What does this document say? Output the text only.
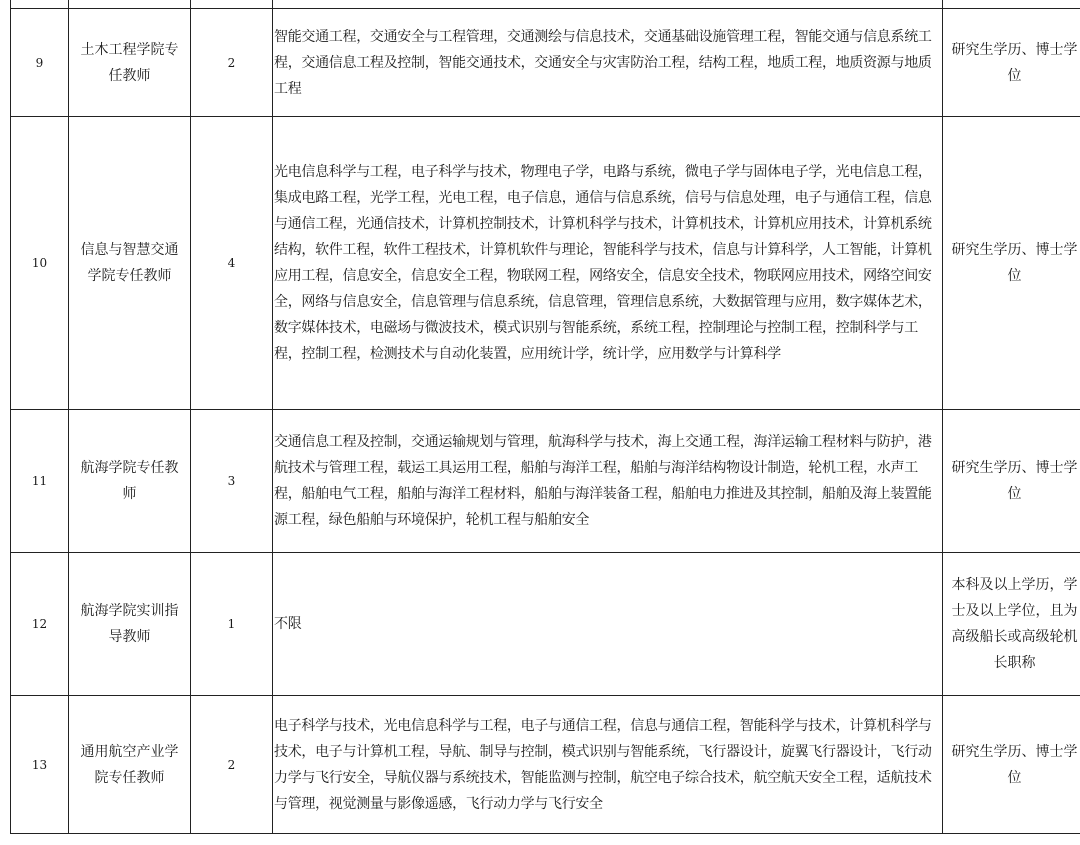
9	土木工程学院专任教师	2	智能交通工程，交通安全与工程管理，交通测绘与信息技术，交通基础设施管理工程，智能交通与信息系统工程，交通信息工程及控制，智能交通技术，交通安全与灾害防治工程，结构工程，地质工程，地质资源与地质工程	研究生学历、博士学位
10	信息与智慧交通学院专任教师	4	光电信息科学与工程，电子科学与技术，物理电子学，电路与系统，微电子学与固体电子学，光电信息工程，集成电路工程，光学工程，光电工程，电子信息，通信与信息系统，信号与信息处理，电子与通信工程，信息与通信工程，光通信技术，计算机控制技术，计算机科学与技术，计算机技术，计算机应用技术，计算机系统结构，软件工程，软件工程技术，计算机软件与理论，智能科学与技术，信息与计算科学，人工智能，计算机应用工程，信息安全，信息安全工程，物联网工程，网络安全，信息安全技术，物联网应用技术，网络空间安全，网络与信息安全，信息管理与信息系统，信息管理，管理信息系统，大数据管理与应用，数字媒体艺术，数字媒体技术，电磁场与微波技术，模式识别与智能系统，系统工程，控制理论与控制工程，控制科学与工程，控制工程，检测技术与自动化装置，应用统计学，统计学，应用数学与计算科学	研究生学历、博士学位
11	航海学院专任教师	3	交通信息工程及控制，交通运输规划与管理，航海科学与技术，海上交通工程，海洋运输工程材料与防护，港航技术与管理工程，载运工具运用工程，船舶与海洋工程，船舶与海洋结构物设计制造，轮机工程，水声工程，船舶电气工程，船舶与海洋工程材料，船舶与海洋装备工程，船舶电力推进及其控制，船舶及海上装置能源工程，绿色船舶与环境保护，轮机工程与船舶安全	研究生学历、博士学位
12	航海学院实训指导教师	1	不限	本科及以上学历，学士及以上学位，且为高级船长或高级轮机长职称
13	通用航空产业学院专任教师	2	电子科学与技术，光电信息科学与工程，电子与通信工程，信息与通信工程，智能科学与技术，计算机科学与技术，电子与计算机工程，导航、制导与控制，模式识别与智能系统，飞行器设计，旋翼飞行器设计，飞行动力学与飞行安全，导航仪器与系统技术，智能监测与控制，航空电子综合技术，航空航天安全工程，适航技术与管理，视觉测量与影像遥感，飞行动力学与飞行安全	研究生学历、博士学位
